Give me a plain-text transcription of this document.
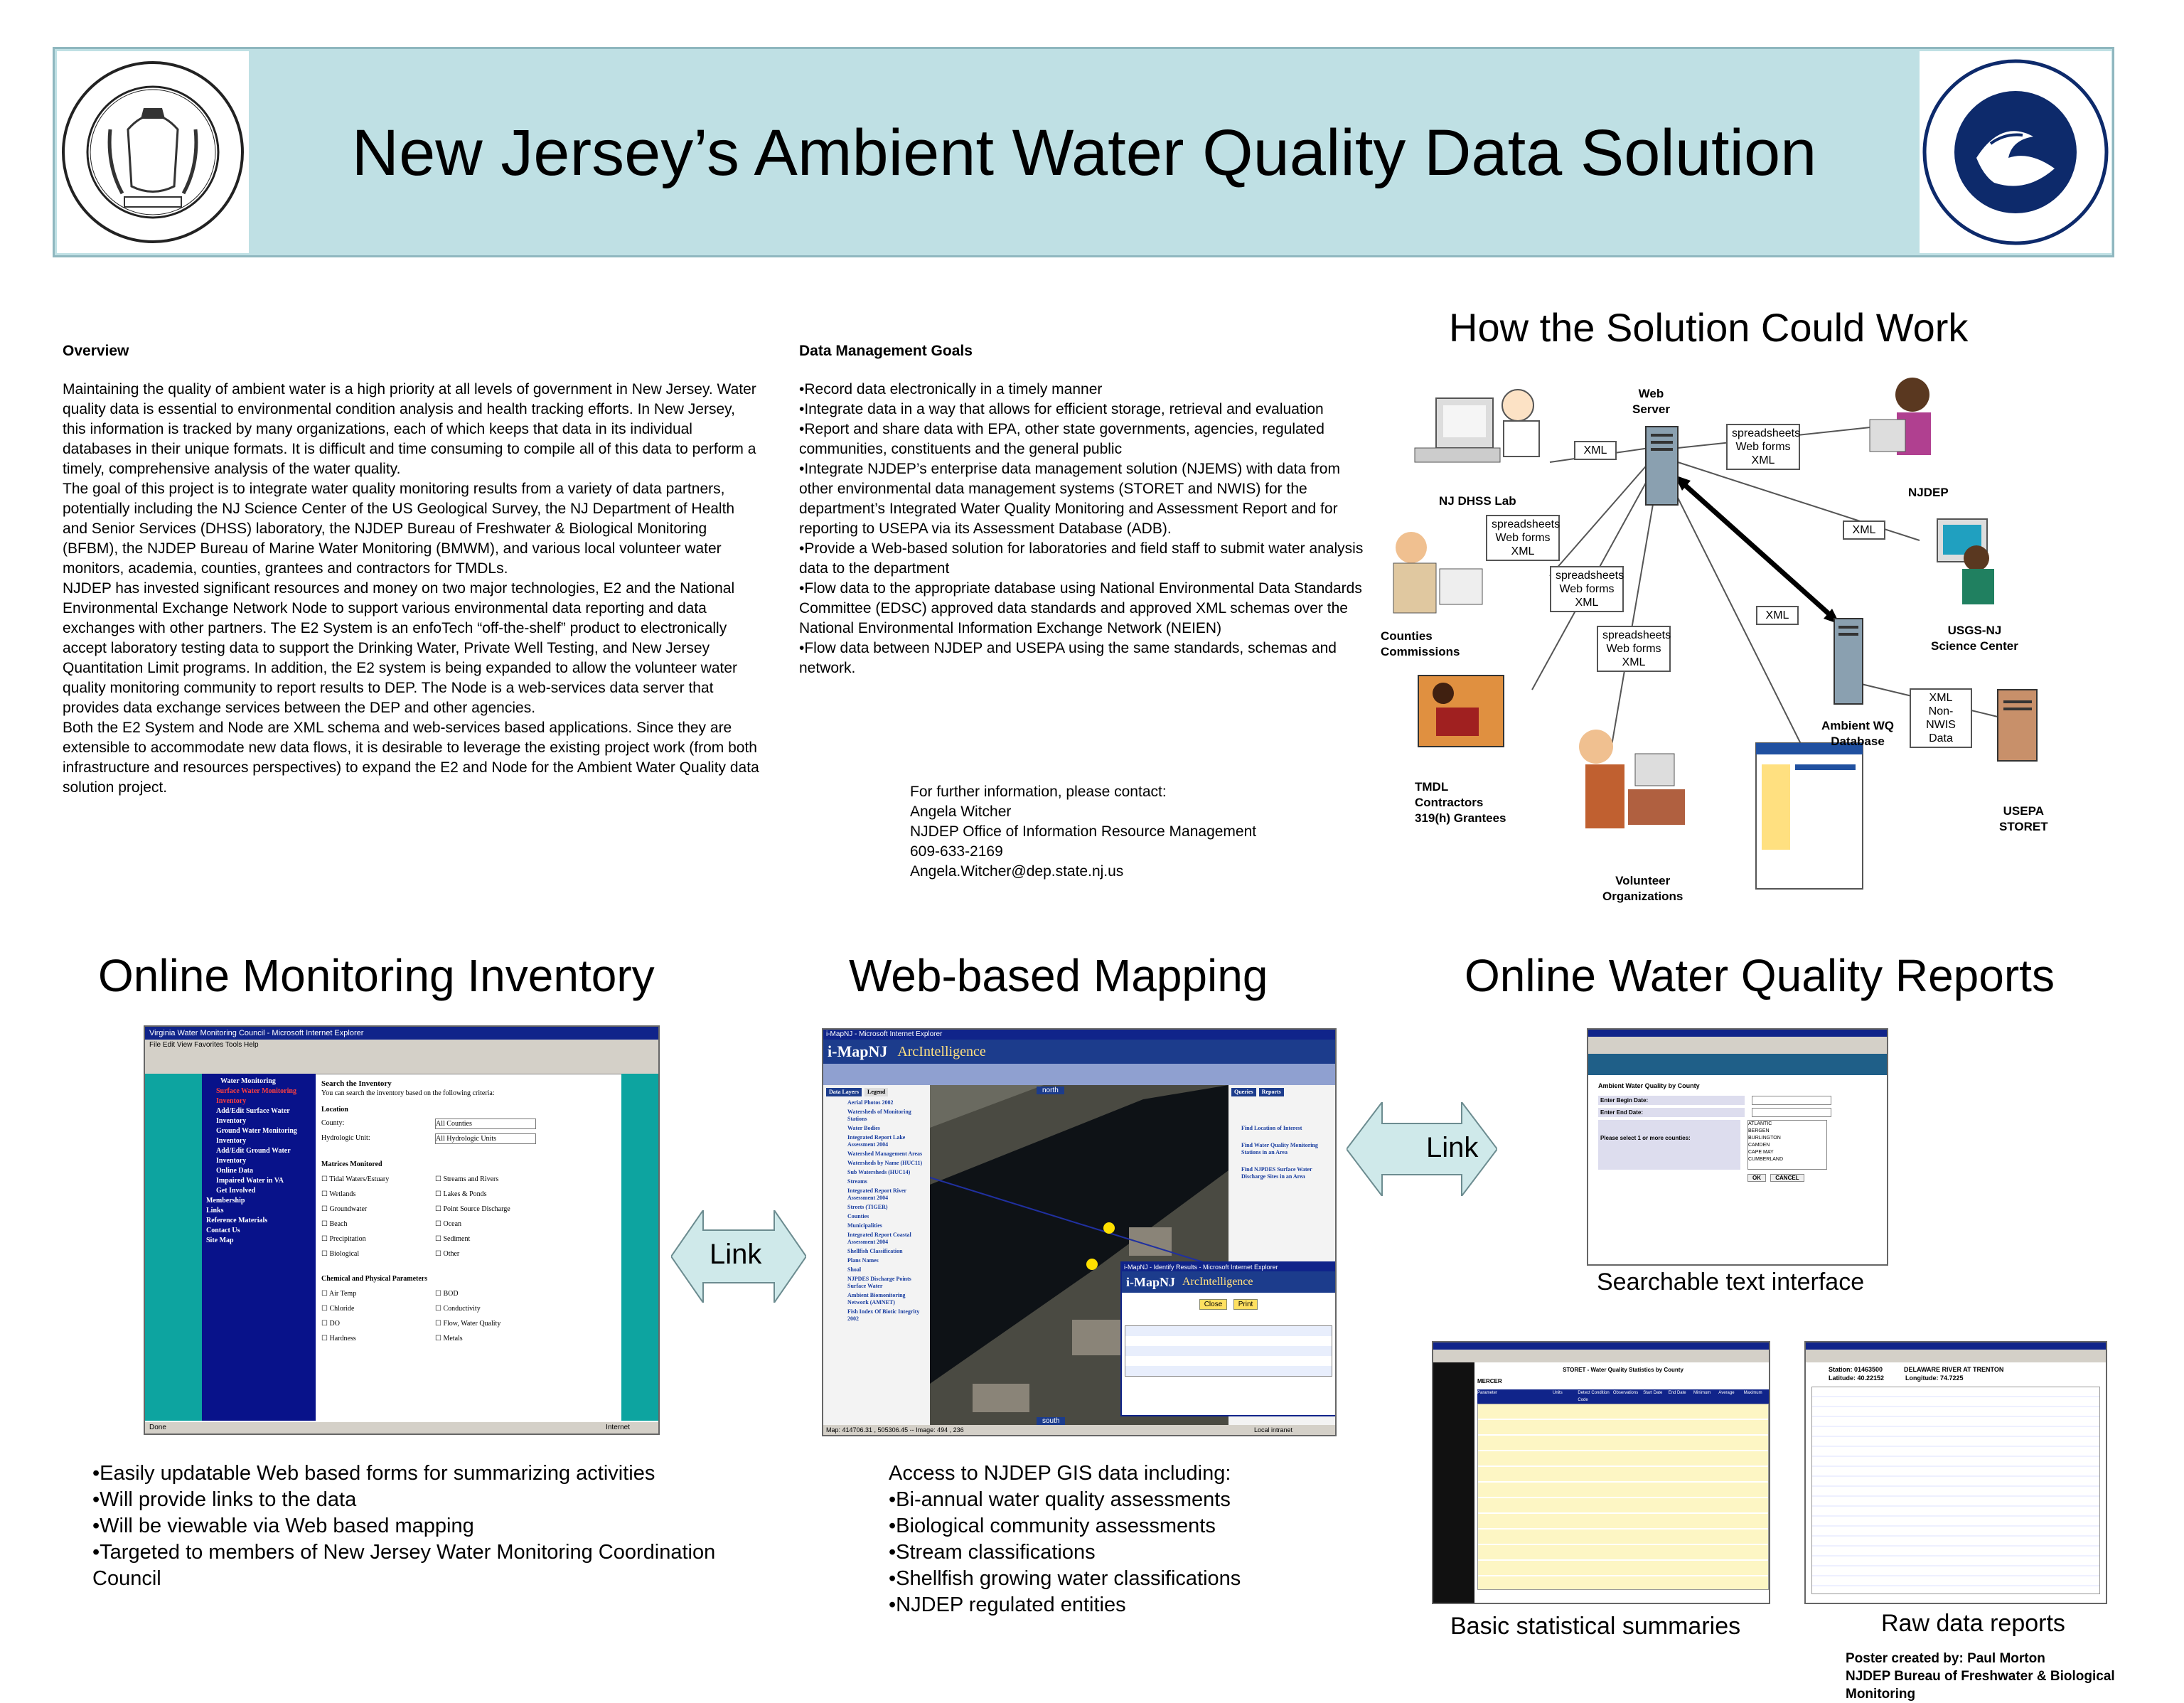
New Jersey’s Ambient Water Quality Data Solution
Overview

Maintaining the quality of ambient water is a high priority at all levels of government in New Jersey. Water quality data is essential to environmental condition analysis and health tracking efforts. In New Jersey, this information is tracked by many organizations, each of which keeps that data in its individual databases in their unique formats. It is difficult and time consuming to compile all of this data to perform a timely, comprehensive analysis of the water quality.

The goal of this project is to integrate water quality monitoring results from a variety of data partners, potentially including the NJ Science Center of the US Geological Survey, the NJ Department of Health and Senior Services (DHSS) laboratory, the NJDEP Bureau of Freshwater & Biological Monitoring (BFBM), the NJDEP Bureau of Marine Water Monitoring (BMWM), and various local volunteer water monitors, academia, counties, grantees and contractors for TMDLs.

NJDEP has invested significant resources and money on two major technologies, E2 and the National Environmental Exchange Network Node to support various environmental data reporting and data exchanges with other partners. The E2 System is an enfoTech “off-the-shelf” product to electronically accept laboratory testing data to support the Drinking Water, Private Well Testing, and New Jersey Quantitation Limit programs. In addition, the E2 system is being expanded to allow the volunteer water quality monitoring community to report results to DEP. The Node is a web-services data server that provides data exchange services between the DEP and other agencies.

Both the E2 System and Node are XML schema and web-services based applications. Since they are extensible to accommodate new data flows, it is desirable to leverage the existing project work (from both infrastructure and resources perspectives) to expand the E2 and Node for the Ambient Water Quality data solution project.

Data Management Goals
•Record data electronically in a timely manner
•Integrate data in a way that allows for efficient storage, retrieval and evaluation
•Report and share data with EPA, other state governments, agencies, regulated communities, constituents and the general public
•Integrate NJDEP’s enterprise data management solution (NJEMS) with data from other environmental data management systems (STORET and NWIS) for the department’s Integrated Water Quality Monitoring and Assessment Report and for reporting to USEPA via its Assessment Database (ADB).
•Provide a Web-based solution for laboratories and field staff to submit water analysis data to the department
•Flow data to the appropriate database using National Environmental Data Standards Committee (EDSC) approved data standards and approved XML schemas over the National Environmental Information Exchange Network (NEIEN)
•Flow data between NJDEP and USEPA using the same standards, schemas and network.
For further information, please contact:
Angela Witcher
NJDEP Office of Information Resource Management
609-633-2169
Angela.Witcher@dep.state.nj.us
How the Solution Could Work
Web
Server
NJ DHSS Lab
NJDEP
Counties
Commissions
USGS-NJ
Science Center
TMDL
Contractors
319(h) Grantees
Ambient WQ
Database
USEPA
STORET
Volunteer
Organizations
XML
spreadsheets
Web forms
XML
spreadsheets
Web forms
XML
spreadsheets
Web forms
XML
spreadsheets
Web forms
XML
XML
XML
XML
Non-NWIS
Data
Online Monitoring Inventory	Web-based Mapping	Online Water Quality Reports
Virginia Water Monitoring Council - Microsoft Internet Explorer
File Edit View Favorites Tools Help
Water Monitoring
Surface Water Monitoring Inventory
Add/Edit Surface Water Inventory
Ground Water Monitoring Inventory
Add/Edit Ground Water Inventory
Online Data
Impaired Water in VA
Get Involved
Membership
Links
Reference Materials
Contact Us
Site Map
Search the Inventory
You can search the inventory based on the following criteria:
Location
County:	All Counties
Hydrologic Unit:	All Hydrologic Units
Matrices Monitored
☐ Tidal Waters/Estuary	☐ Streams and Rivers
☐ Wetlands	☐ Lakes & Ponds
☐ Groundwater	☐ Point Source Discharge
☐ Beach	☐ Ocean
☐ Precipitation	☐ Sediment
☐ Biological	☐ Other
Chemical and Physical Parameters
☐ Air Temp	☐ BOD
☐ Chloride	☐ Conductivity
☐ DO	☐ Flow, Water Quality
☐ Hardness	☐ Metals
Done	Internet
Link
Link
i-MapNJ - Microsoft Internet Explorer
i-MapNJ ArcIntelligence
Data Layers	Legend
Aerial Photos 2002
Watersheds of Monitoring Stations
Water Bodies
Integrated Report Lake Assessment 2004
Watershed Management Areas
Watersheds by Name (HUC11)
Sub Watersheds (HUC14)
Streams
Integrated Report River Assessment 2004
Streets (TIGER)
Counties
Municipalities
Integrated Report Coastal Assessment 2004
Shellfish Classification
Plans Names
Shoal
NJPDES Discharge Points Surface Water
Ambient Biomonitoring Network (AMNET)
Fish Index Of Biotic Integrity 2002
north
south
Queries	Reports
Find Location of Interest
Find Water Quality Monitoring Stations in an Area
Find NJPDES Surface Water Discharge Sites in an Area
i-MapNJ - Identify Results - Microsoft Internet Explorer
i-MapNJ ArcIntelligence
Close Print
Map: 414706.31 , 505306.45 -- Image: 494 , 236	Local intranet
Ambient Water Quality by County
Enter Begin Date:
Enter End Date:
Please select 1 or more counties:
ATLANTIC
BERGEN
BURLINGTON
CAMDEN
CAPE MAY
CUMBERLAND
OK	CANCEL
Searchable text interface
STORET - Water Quality Statistics by County
MERCER
Parameter	Units	Detect Condition Code
Observations	Start Date	End Date	Minimum	Average	Maximum
Basic statistical summaries
Station: 01463500	DELAWARE RIVER AT TRENTON
Latitude: 40.22152	Longitude: 74.7225
Raw data reports
•Easily updatable Web based forms for summarizing activities
•Will provide links to the data
•Will be viewable via Web based mapping
•Targeted to members of New Jersey Water Monitoring Coordination Council
Access to NJDEP GIS data including:
•Bi-annual water quality assessments
•Biological community assessments
•Stream classifications
•Shellfish growing water classifications
•NJDEP regulated entities
Poster created by: Paul Morton
NJDEP Bureau of Freshwater & Biological Monitoring
